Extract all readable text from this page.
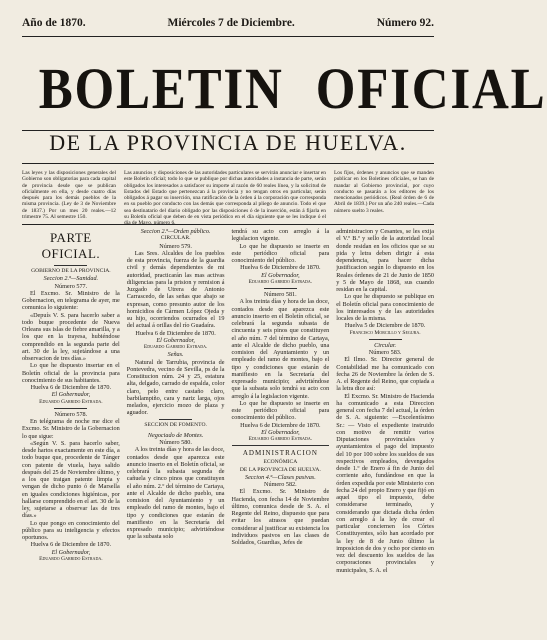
Año de 1870.	Miércoles 7 de Diciembre.	Número 92.
BOLETIN OFICIAL
DE LA PROVINCIA DE HUELVA.
Las leyes y las disposiciones generales del Gobierno son obligatorias para cada capital de provincia desde que se publican oficialmente en ella, y desde cuatro días después para los demás pueblos de la misma provincia. (Ley de 3 de Noviembre de 1837.) Por un mes 20 reales.—12 trimestre 75. Al semestre 150.
Las anuncios y disposiciones de las autoridades particulares se servirán anunciar e insertar en este Boletín oficial; todo lo que se publique por dichas autoridades a instancia de parte, serán obligados los interesados a satisfacer su importe al razón de 60 reales línea, y la solicitud de Estados del Estado que pertenezcan á la provincia y no tengan otros en particular, serán obligados á pagar su inserción, una ratificación de la órden á la corporación que corresponda en su pueblo por conducto con las demás que corresponda al pliego de anuncio. Todo el que sea destinatario del diario obligado por las disposiciones ó de la inserción, están á fijarla en su Boletín oficial que deben de en vista periódico en el día siguiente que se les indique ó el día de Mayo, número 6.
Los fijos, órdenes y anuncios que se manden publicar en los Boletines oficiales, se han de mandar al Gobierno provincial, por cuyo conducto se pasarán a los editores de los mencionados periódicos. (Real órden de 6 de Abril de 1839.) Por un año 240 reales.—Cada número suelto 3 reales.

PARTE OFICIAL.

GOBIERNO DE LA PROVINCIA.

Seccion 2.ª—Sanidad.

Número 577.

El Excmo. Sr. Ministro de la Gobernacion, en telegrama de ayer, me comunica lo siguiente:

«Depuís V. S. para hacerlo saber a todo buque procedente de Nueva Orleans sus islas de fiebre amarilla, y a los que en la trayesa, hubiéndose comprendido en la segunda parte del art. 30 de la ley, sujetándose a una observacion de tres días.»

Lo que he dispuesto insertar en el Boletín oficial de la provincia para conocimiento de sus habitantes.

Huelva 6 de Diciembre de 1870.

El Gobernador,

Eduardo Garrido Estrada.

Número 578.

En telégrama de noche me dice el Excmo. Sr. Ministro de la Gobernacion lo que sigue:

«Según V. S. para hacerlo saber, desde hartos exactamente en este día, a todo buque que, procedente de Tánger con patente de viuela, haya salido después del 25 de Noviembre último, y a los que traigan patente limpia y vengan de dicho punto ó de Marsella en iguales condiciones higiénicas, por hallarse comprendido en el art. 30 de la ley, sujetarse a observar las de tres días.»

Lo que pongo en conocimiento del público para su inteligencia y efectos oportunos.

Huelva 6 de Diciembre de 1870.

El Gobernador,

Eduardo Garrido Estrada.

Seccion 2.ª—Orden público.

CIRCULAR.

Número 579.

Las Sres. Alcaldes de los pueblos de esta provincia, fuerza de la guardia civil y demás dependientes de mi autoridad, practicarán las mas activas diligencias para la prision y remision á Juzgado de Utrera de Antonio Carrascedo, de las señas que abajo se expresan, como presunto autor de los homicidios de Cármen López Ojeda y su hijo, ocorriendos ocurrados el 19 del actual á orillas del río Guadaíra.

Huelva 6 de Diciembre de 1870.

El Gobernador,

Eduardo Garrido Estrada.

Señas.

Natural de Tarrubia, provincia de Pontevedra, vecino de Sevilla, ps de la Constitucion núm. 24 y 25, estatura alta, delgado, carrado de espalda, color claro, pelo entre castaño claro, barbilampiño, cara y nariz larga, ojos melados, ejercicio mozo de plaza y aguador.

SECCION DE FOMENTO.

Negociado de Montes.

Número 580.

A los treinta días y hora de las doce, contados desde que aparezca este anuncio inserto en el Boletín oficial, se celebrará la subasta segunda de cañuela y cinco pinos que constituyen el año núm. 2.º del término de Cartaya, ante el Alcalde de dicho pueblo, una comision del Ayuntamiento y un empleado del ramo de montes, bajo el tipo y condiciones que estarán de manifiesto en la Secretaría del expresado municipio; advirtiéndose que la subasta solo

tendrá su acto con arreglo á la legislacion vigente.

Lo que he dispuesto se inserte en este periódico oficial para conocimiento del público.

Huelva 6 de Diciembre de 1870.

El Gobernador,

Eduardo Garrido Estrada.

Número 581.

A los treinta días y hora de las doce, contados desde que aparezca este anuncio inserto en el Boletín oficial, se celebrará la segunda subasta de cincuenta y seis pinos que constituyen el año núm. 7 del término de Cartaya, ante el Alcalde de dicho pueblo, una comision del Ayuntamiento y un empleado del ramo de montes, bajo el tipo y condiciones que estarán de manifiesto en la Secretaría del expresado municipio; advirtiéndose que la subasta solo tendrá su acto con arreglo á la legislacion vigente.

Lo que he dispuesto se inserte en este periódico oficial para conocimiento del público.

Huelva 6 de Diciembre de 1870.

El Gobernador,

Eduardo Garrido Estrada.

ADMINISTRACION

ECONÓMICA

DE LA PROVINCIA DE HUELVA.

Seccion 4.ª—Clases pasivas.

Número 582.

El Excmo. Sr. Ministro de Hacienda, con fecha 14 de Noviembre último, comunica desde de S. A. el Regente del Reino, dispuesto que para evitar los atrasos que puedan considerar al justificar su existencia los individuos pasivos en las clases de Soldados, Guardias, Jefes de

administracion y Cesantes, se les exija el V.º B.º y sello de la autoridad local donde residan en los oficios que se su pida y letra deben dirigir á esta dependencia, para hacer dicha justificacion según lo dispuesto en los Reales órdenes de 21 de Junio de 1850 y 5 de Mayo de 1868, sus cuando residan en la capital.

Lo que he dispuesto se publique en el Boletín oficial para conocimiento de los interesados y de las autoridades locales de la misma.

Huelva 5 de Diciembre de 1870.

Francisco Morcillo y Segura.

Circular.

Número 583.

El Ilmo. Sr. Director general de Contabilidad me ha comunicado con fecha 26 de Noviembre la órden de S. A. el Regente del Reino, que copiada a la letra dice así:

El Excmo. Sr. Ministro de Hacienda ha comunicado a esta Direccion general con fecha 7 del actual, la órden de S. A. siguiente: —Excelentísimo Sr.: — Visto el expediente instruido con motivo de remitir varios Diputaciones provinciales y ayuntamientos el pago del impuesto del 10 por 100 sobre los sueldos de sus respectivos empleados, devengados desde 1.º de Enero á fin de Junio del corriente año, fundándose en que la órden expedida por este Ministerio con fecha 24 del propio Enero y que fijó en aquel tipo el impuesto, debe considerarse terminado, y considerando que dictada dicha órden con arreglo á la ley de crear el particular conciernen los Córtes Constituyentes, sólo han acordado por la ley de 8 de Junio último la imposicion de dos y ocho por ciento en vez del descuento los sueldos de las corporaciones provinciales y municipales, S. A. el
